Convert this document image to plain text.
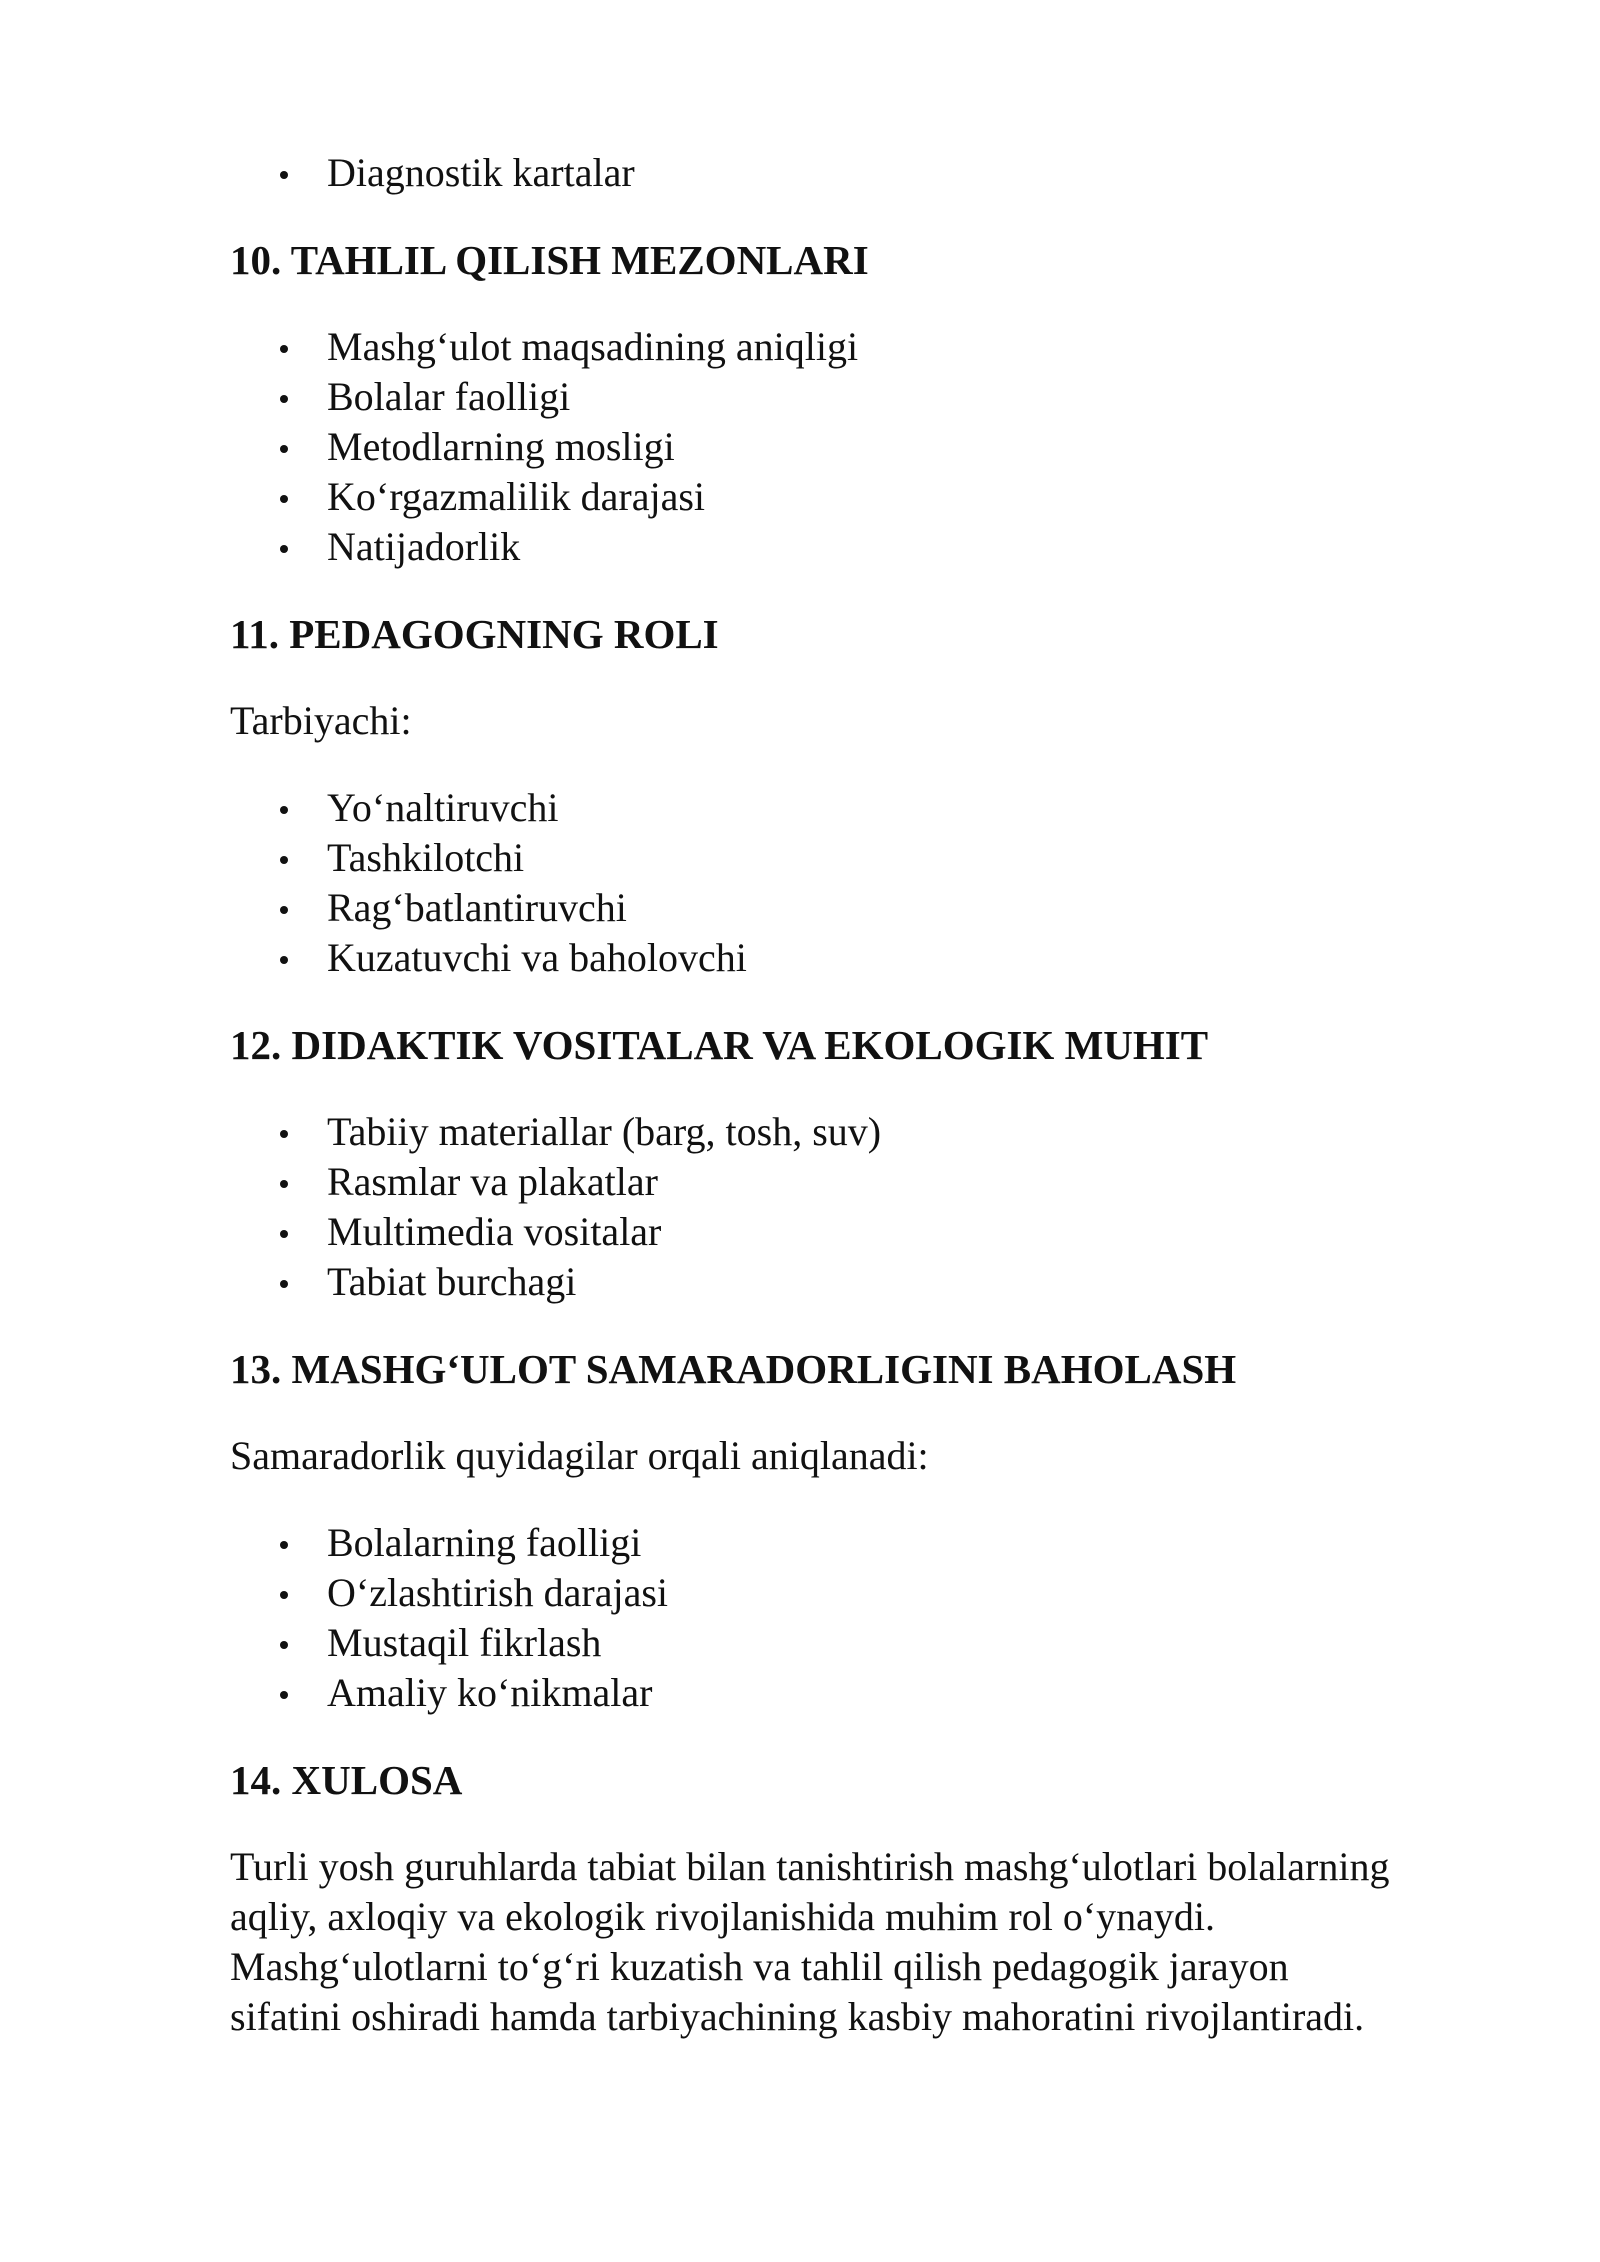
Diagnostik kartalar
10. TAHLIL QILISH MEZONLARI
Mashg‘ulot maqsadining aniqligi
Bolalar faolligi
Metodlarning mosligi
Ko‘rgazmalilik darajasi
Natijadorlik
11. PEDAGOGNING ROLI

Tarbiyachi:

Yo‘naltiruvchi
Tashkilotchi
Rag‘batlantiruvchi
Kuzatuvchi va baholovchi
12. DIDAKTIK VOSITALAR VA EKOLOGIK MUHIT
Tabiiy materiallar (barg, tosh, suv)
Rasmlar va plakatlar
Multimedia vositalar
Tabiat burchagi
13. MASHG‘ULOT SAMARADORLIGINI BAHOLASH

Samaradorlik quyidagilar orqali aniqlanadi:

Bolalarning faolligi
O‘zlashtirish darajasi
Mustaqil fikrlash
Amaliy ko‘nikmalar
14. XULOSA

Turli yosh guruhlarda tabiat bilan tanishtirish mashg‘ulotlari bolalarning

aqliy, axloqiy va ekologik rivojlanishida muhim rol o‘ynaydi.

Mashg‘ulotlarni to‘g‘ri kuzatish va tahlil qilish pedagogik jarayon

sifatini oshiradi hamda tarbiyachining kasbiy mahoratini rivojlantiradi.
